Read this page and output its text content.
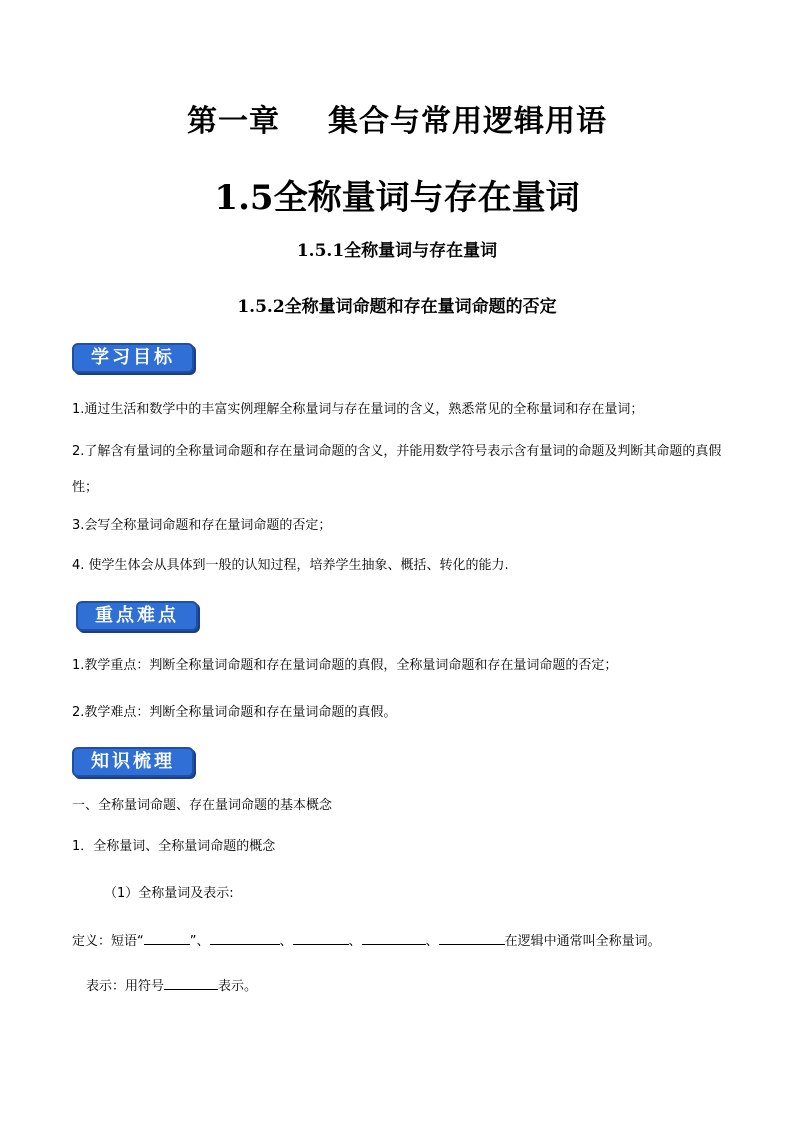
第一章 集合与常用逻辑用语
1.5全称量词与存在量词
1.5.1全称量词与存在量词
1.5.2全称量词命题和存在量词命题的否定
学习目标
1.通过生活和数学中的丰富实例理解全称量词与存在量词的含义，熟悉常见的全称量词和存在量词；
2.了解含有量词的全称量词命题和存在量词命题的含义，并能用数学符号表示含有量词的命题及判断其命题的真假性；
3.会写全称量词命题和存在量词命题的否定；
4. 使学生体会从具体到一般的认知过程，培养学生抽象、概括、转化的能力.
重点难点
1.教学重点：判断全称量词命题和存在量词命题的真假，全称量词命题和存在量词命题的否定；
2.教学难点：判断全称量词命题和存在量词命题的真假。
知识梳理
一、全称量词命题、存在量词命题的基本概念
1．全称量词、全称量词命题的概念
（1）全称量词及表示:
定义：短语“	”、	、	、	、	在逻辑中通常叫全称量词。
表示：用符号	表示。
